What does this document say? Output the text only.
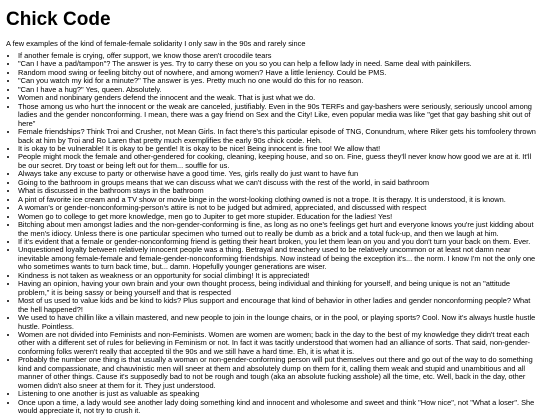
Chick Code
A few examples of the kind of female-female solidarity I only saw in the 90s and rarely since
• If another female is crying, offer support, we know those aren't crocodile tears
• "Can I have a pad/tampon"? The answer is yes. Try to carry these on you so you can help a fellow lady in need. Same deal with painkillers.
• Random mood swing or feeling bitchy out of nowhere, and among women? Have a little leniency. Could be PMS.
• "Can you watch my kid for a minute?" The answer is yes. Pretty much no one would do this for no reason.
• "Can I have a hug?" Yes, queen. Absolutely.
• Women and nonbinary genders defend the innocent and the weak. That is just what we do.
• Those among us who hurt the innocent or the weak are canceled, justifiably. Even in the 90s TERFs and gay-bashers were seriously, seriously uncool among ladies and the gender nonconforming. I mean, there was a gay friend on Sex and the City! Like, even popular media was like "get that gay bashing shit out of here"
• Female friendships? Think Troi and Crusher, not Mean Girls. In fact there's this particular episode of TNG, Conundrum, where Riker gets his tomfoolery thrown back at him by Troi and Ro Laren that pretty much exemplifies the early 90s chick code. Heh.
• It is okay to be vulnerable! It is okay to be gentle! It is okay to be nice! Being innocent is fine too! We allow that!
• People might mock the female and other-gendered for cooking, cleaning, keeping house, and so on. Fine, guess they'll never know how good we are at it. It'll be our secret. Dry toast or being left out for them... souffle for us.
• Always take any excuse to party or otherwise have a good time. Yes, girls really do just want to have fun
• Going to the bathroom in groups means that we can discuss what we can't discuss with the rest of the world, in said bathroom
• What is discussed in the bathroom stays in the bathroom
• A pint of favorite ice cream and a TV show or movie binge in the worst-looking clothing owned is not a trope. It is therapy. It is understood, it is known.
• A woman's or gender-nonconforming-person's attire is not to be judged but admired, appreciated, and discussed with respect
• Women go to college to get more knowledge, men go to Jupiter to get more stupider. Education for the ladies! Yes!
• Bitching about men amongst ladies and the non-gender-conforming is fine, as long as no one's feelings get hurt and everyone knows you're just kidding about the men's idiocy. Unless there is one particular specimen who turned out to really be dumb as a brick and a total fuck-up, and then we laugh at him.
• If it's evident that a female or gender-nonconforming friend is getting their heart broken, you let them lean on you and you don't turn your back on them. Ever.
• Unquestioned loyalty between relatively innocent people was a thing. Betrayal and treachery used to be relatively uncommon or at least not damn near inevitable among female-female and female-gender-nonconforming friendships. Now instead of being the exception it's... the norm. I know I'm not the only one who sometimes wants to turn back time, but... damn. Hopefully younger generations are wiser.
• Kindness is not taken as weakness or an opportunity for social climbing! It is appreciated!
• Having an opinion, having your own brain and your own thought process, being individual and thinking for yourself, and being unique is not an "attitude problem," it is being sassy or being yourself and that is respected
• Most of us used to value kids and be kind to kids? Plus support and encourage that kind of behavior in other ladies and gender nonconforming people? What the hell happened?!
• We used to have chillin like a villain mastered, and new people to join in the lounge chairs, or in the pool, or playing sports? Cool. Now it's always hustle hustle hustle. Pointless.
• Women are not divided into Feminists and non-Feminists. Women are women are women; back in the day to the best of my knowledge they didn't treat each other with a different set of rules for believing in Feminism or not. In fact it was tacitly understood that women had an alliance of sorts. That said, non-gender-conforming folks weren't really that accepted til the 90s and we still have a hard time. Eh, it is what it is.
• Probably the number one thing is that usually a woman or non-gender-conforming person will put themselves out there and go out of the way to do something kind and compassionate, and chauvinistic men will sneer at them and absolutely dump on them for it, calling them weak and stupid and unambitious and all manner of other things. Cause it's supposedly bad to not be rough and tough (aka an absolute fucking asshole) all the time, etc. Well, back in the day, other women didn't also sneer at them for it. They just understood.
• Listening to one another is just as valuable as speaking
• Once upon a time, a lady would see another lady doing something kind and innocent and wholesome and sweet and think "How nice", not "What a loser". She would appreciate it, not try to crush it.
